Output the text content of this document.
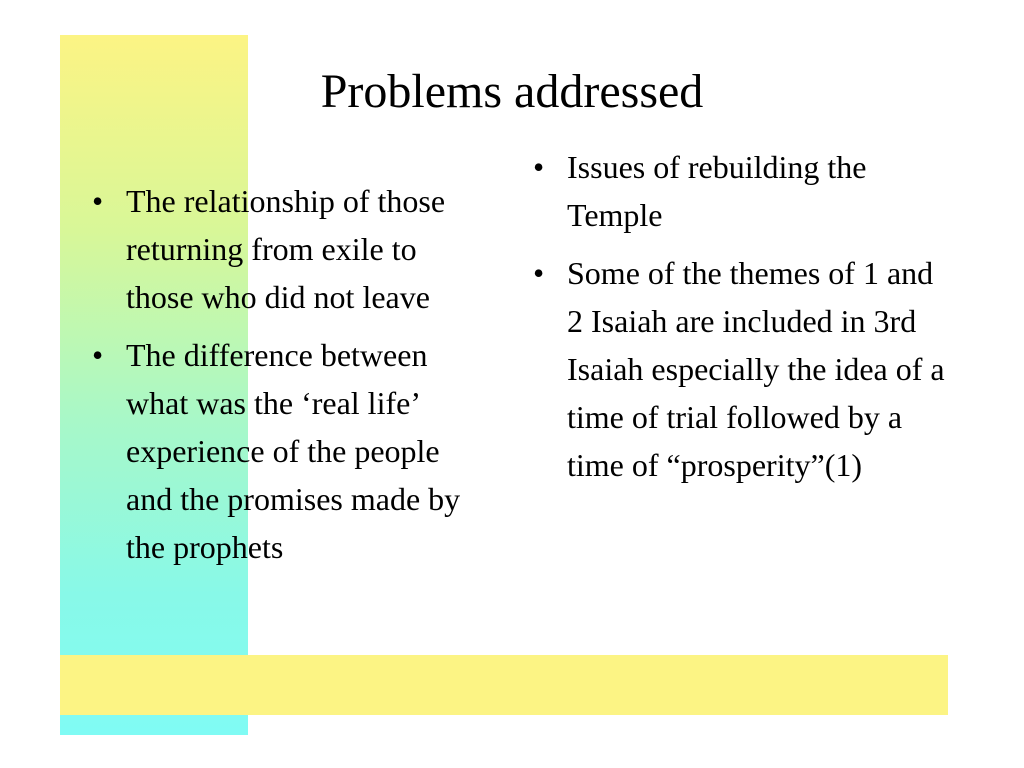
Problems addressed
• The relationship of those returning from exile to those who did not leave
• The difference between what was the ‘real life’ experience of the people and the promises made by the prophets
• Issues of rebuilding the Temple
• Some of the themes of 1 and 2 Isaiah are included in 3rd Isaiah especially the idea of a time of trial followed by a time of “prosperity”(1)
